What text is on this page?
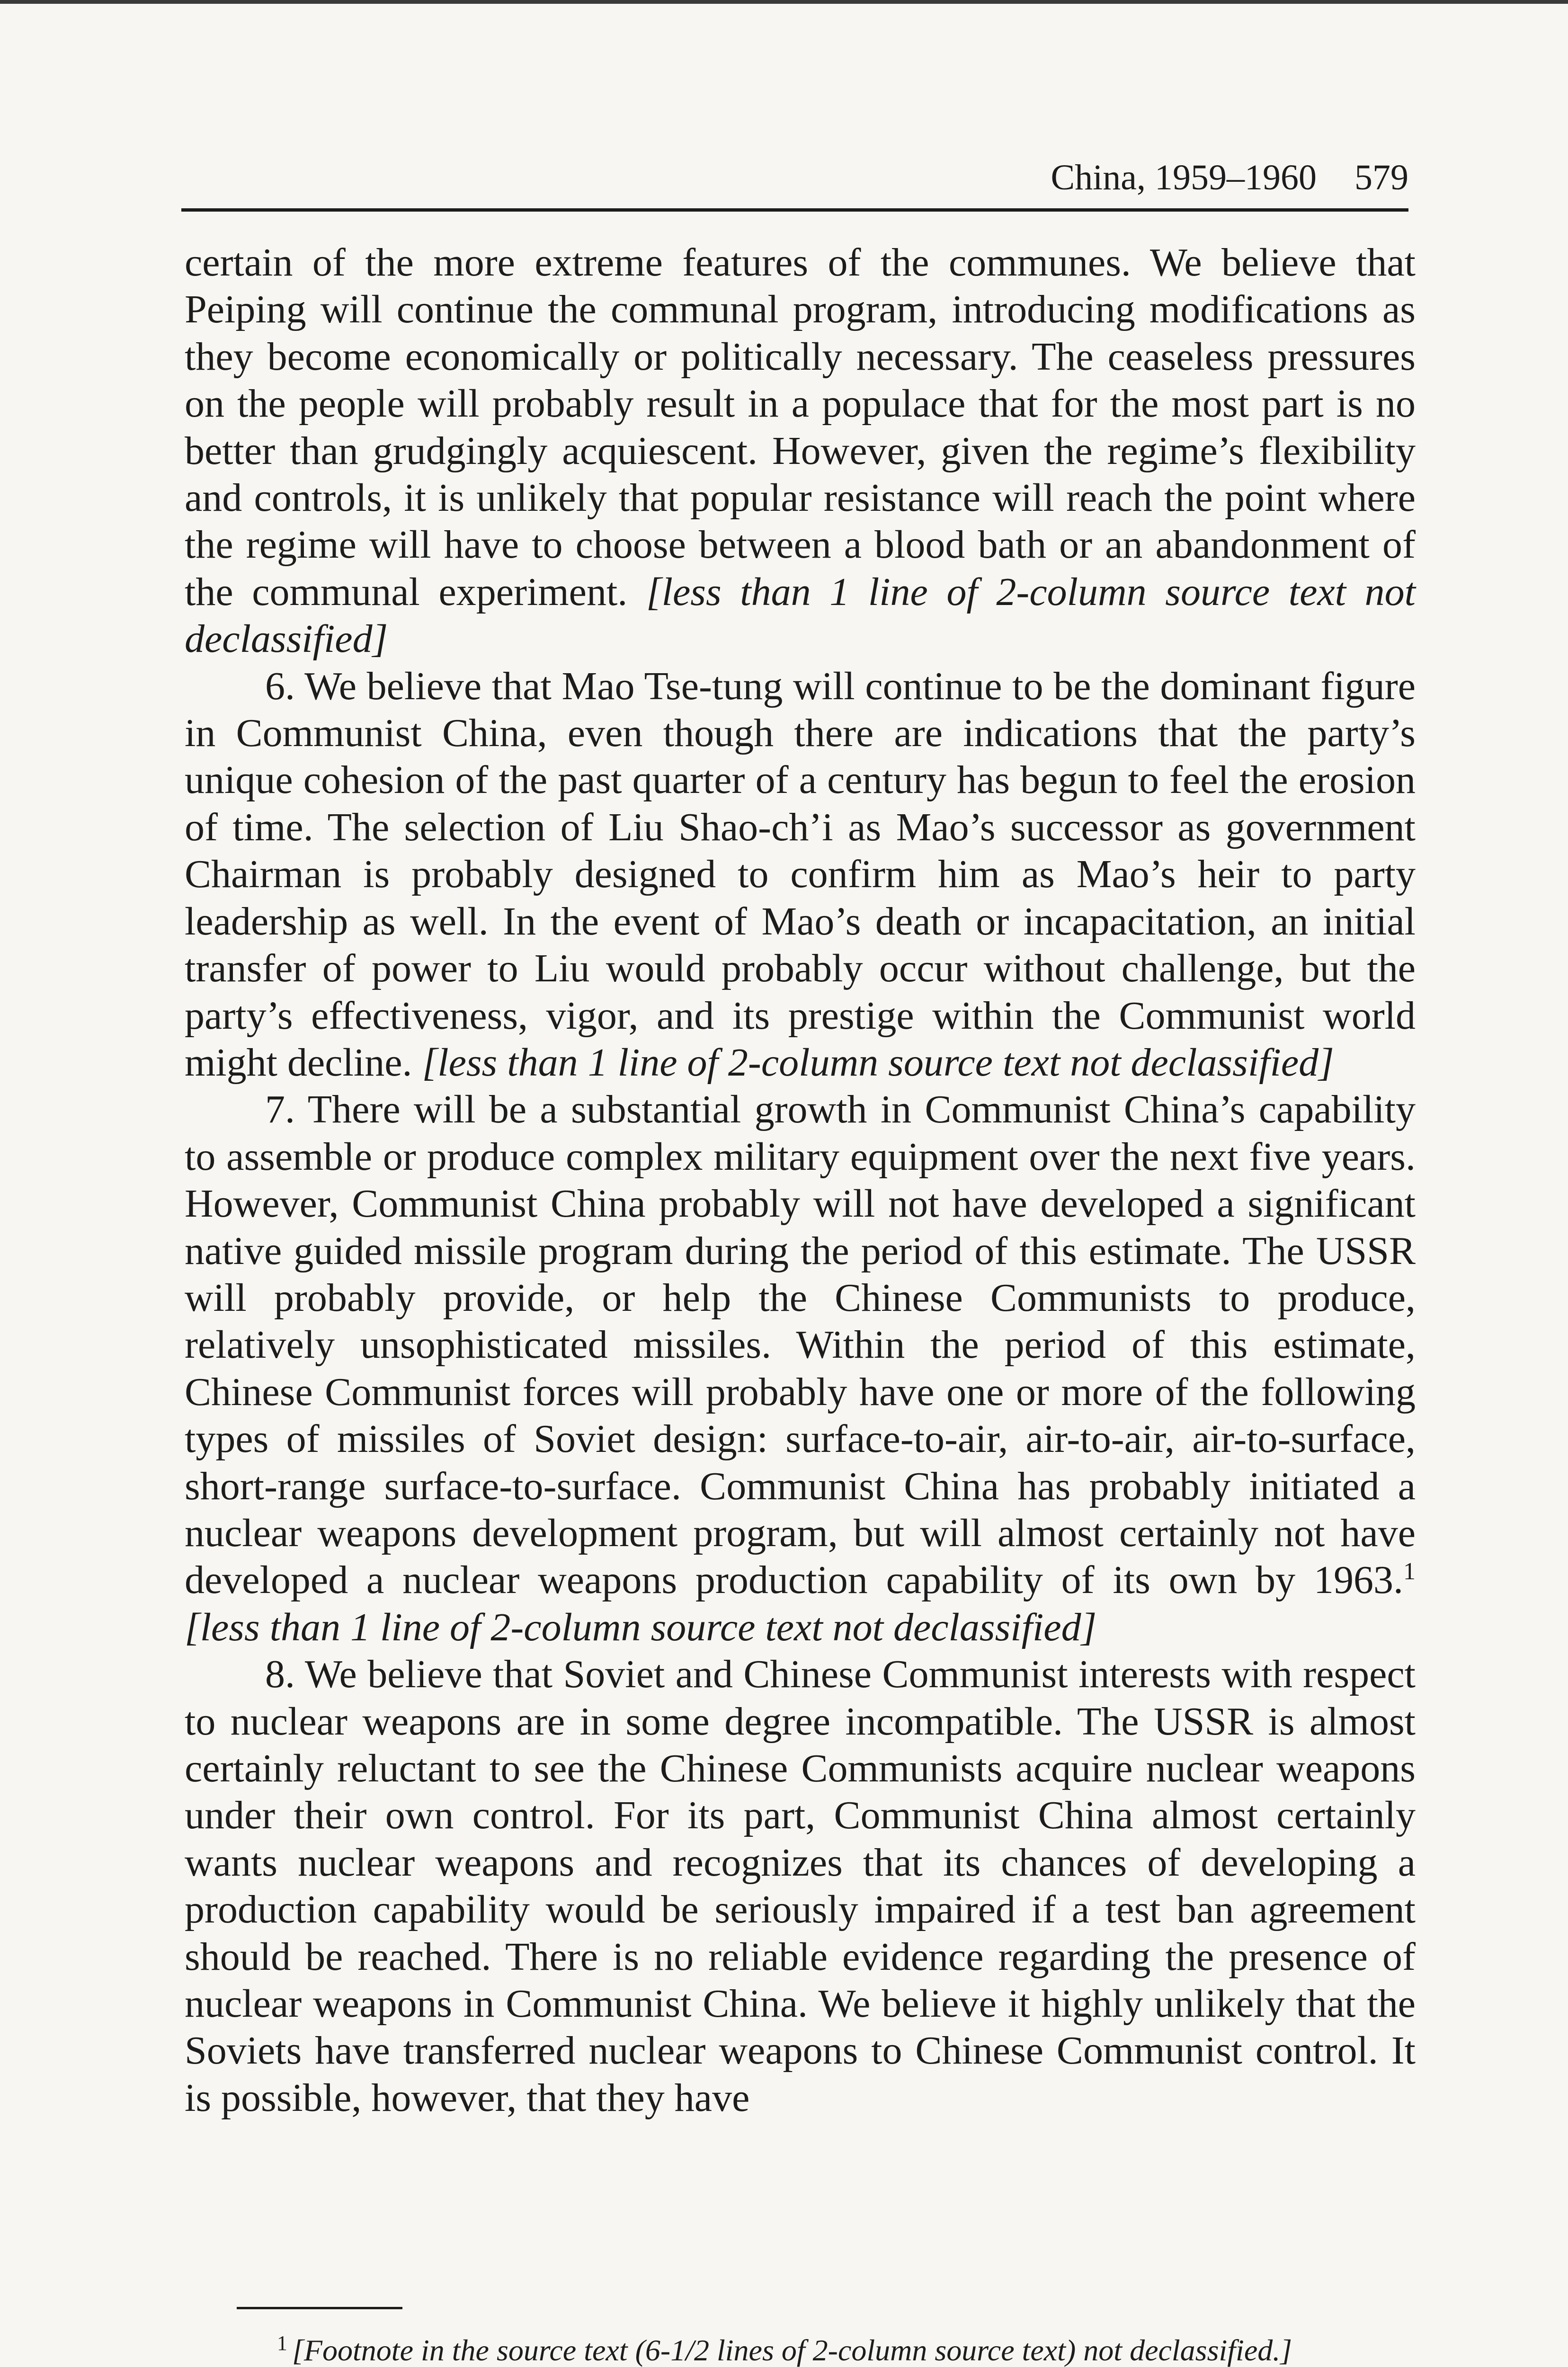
China, 1959–1960 579

certain of the more extreme features of the communes. We believe that Peiping will continue the communal program, introducing modifications as they become economically or politically necessary. The ceaseless pressures on the people will probably result in a populace that for the most part is no better than grudgingly acquiescent. However, given the regime’s flexibility and controls, it is unlikely that popular resistance will reach the point where the regime will have to choose between a blood bath or an abandonment of the communal experiment. [less than 1 line of 2-column source text not declassified]

6. We believe that Mao Tse-tung will continue to be the dominant figure in Communist China, even though there are indications that the party’s unique cohesion of the past quarter of a century has begun to feel the erosion of time. The selection of Liu Shao-ch’i as Mao’s successor as government Chairman is probably designed to confirm him as Mao’s heir to party leadership as well. In the event of Mao’s death or incapacitation, an initial transfer of power to Liu would probably occur without challenge, but the party’s effectiveness, vigor, and its prestige within the Communist world might decline. [less than 1 line of 2-column source text not declassified]

7. There will be a substantial growth in Communist China’s capability to assemble or produce complex military equipment over the next five years. However, Communist China probably will not have developed a significant native guided missile program during the period of this estimate. The USSR will probably provide, or help the Chinese Communists to produce, relatively unsophisticated missiles. Within the period of this estimate, Chinese Communist forces will probably have one or more of the following types of missiles of Soviet design: surface-to-air, air-to-air, air-to-surface, short-range surface-to-surface. Communist China has probably initiated a nuclear weapons development program, but will almost certainly not have developed a nuclear weapons production capability of its own by 1963.$^1$ [less than 1 line of 2-column source text not declassified]

8. We believe that Soviet and Chinese Communist interests with respect to nuclear weapons are in some degree incompatible. The USSR is almost certainly reluctant to see the Chinese Communists acquire nuclear weapons under their own control. For its part, Communist China almost certainly wants nuclear weapons and recognizes that its chances of developing a production capability would be seriously impaired if a test ban agreement should be reached. There is no reliable evidence regarding the presence of nuclear weapons in Communist China. We believe it highly unlikely that the Soviets have transferred nuclear weapons to Chinese Communist control. It is possible, however, that they have

$^1$ [Footnote in the source text (6-1/2 lines of 2-column source text) not declassified.]
